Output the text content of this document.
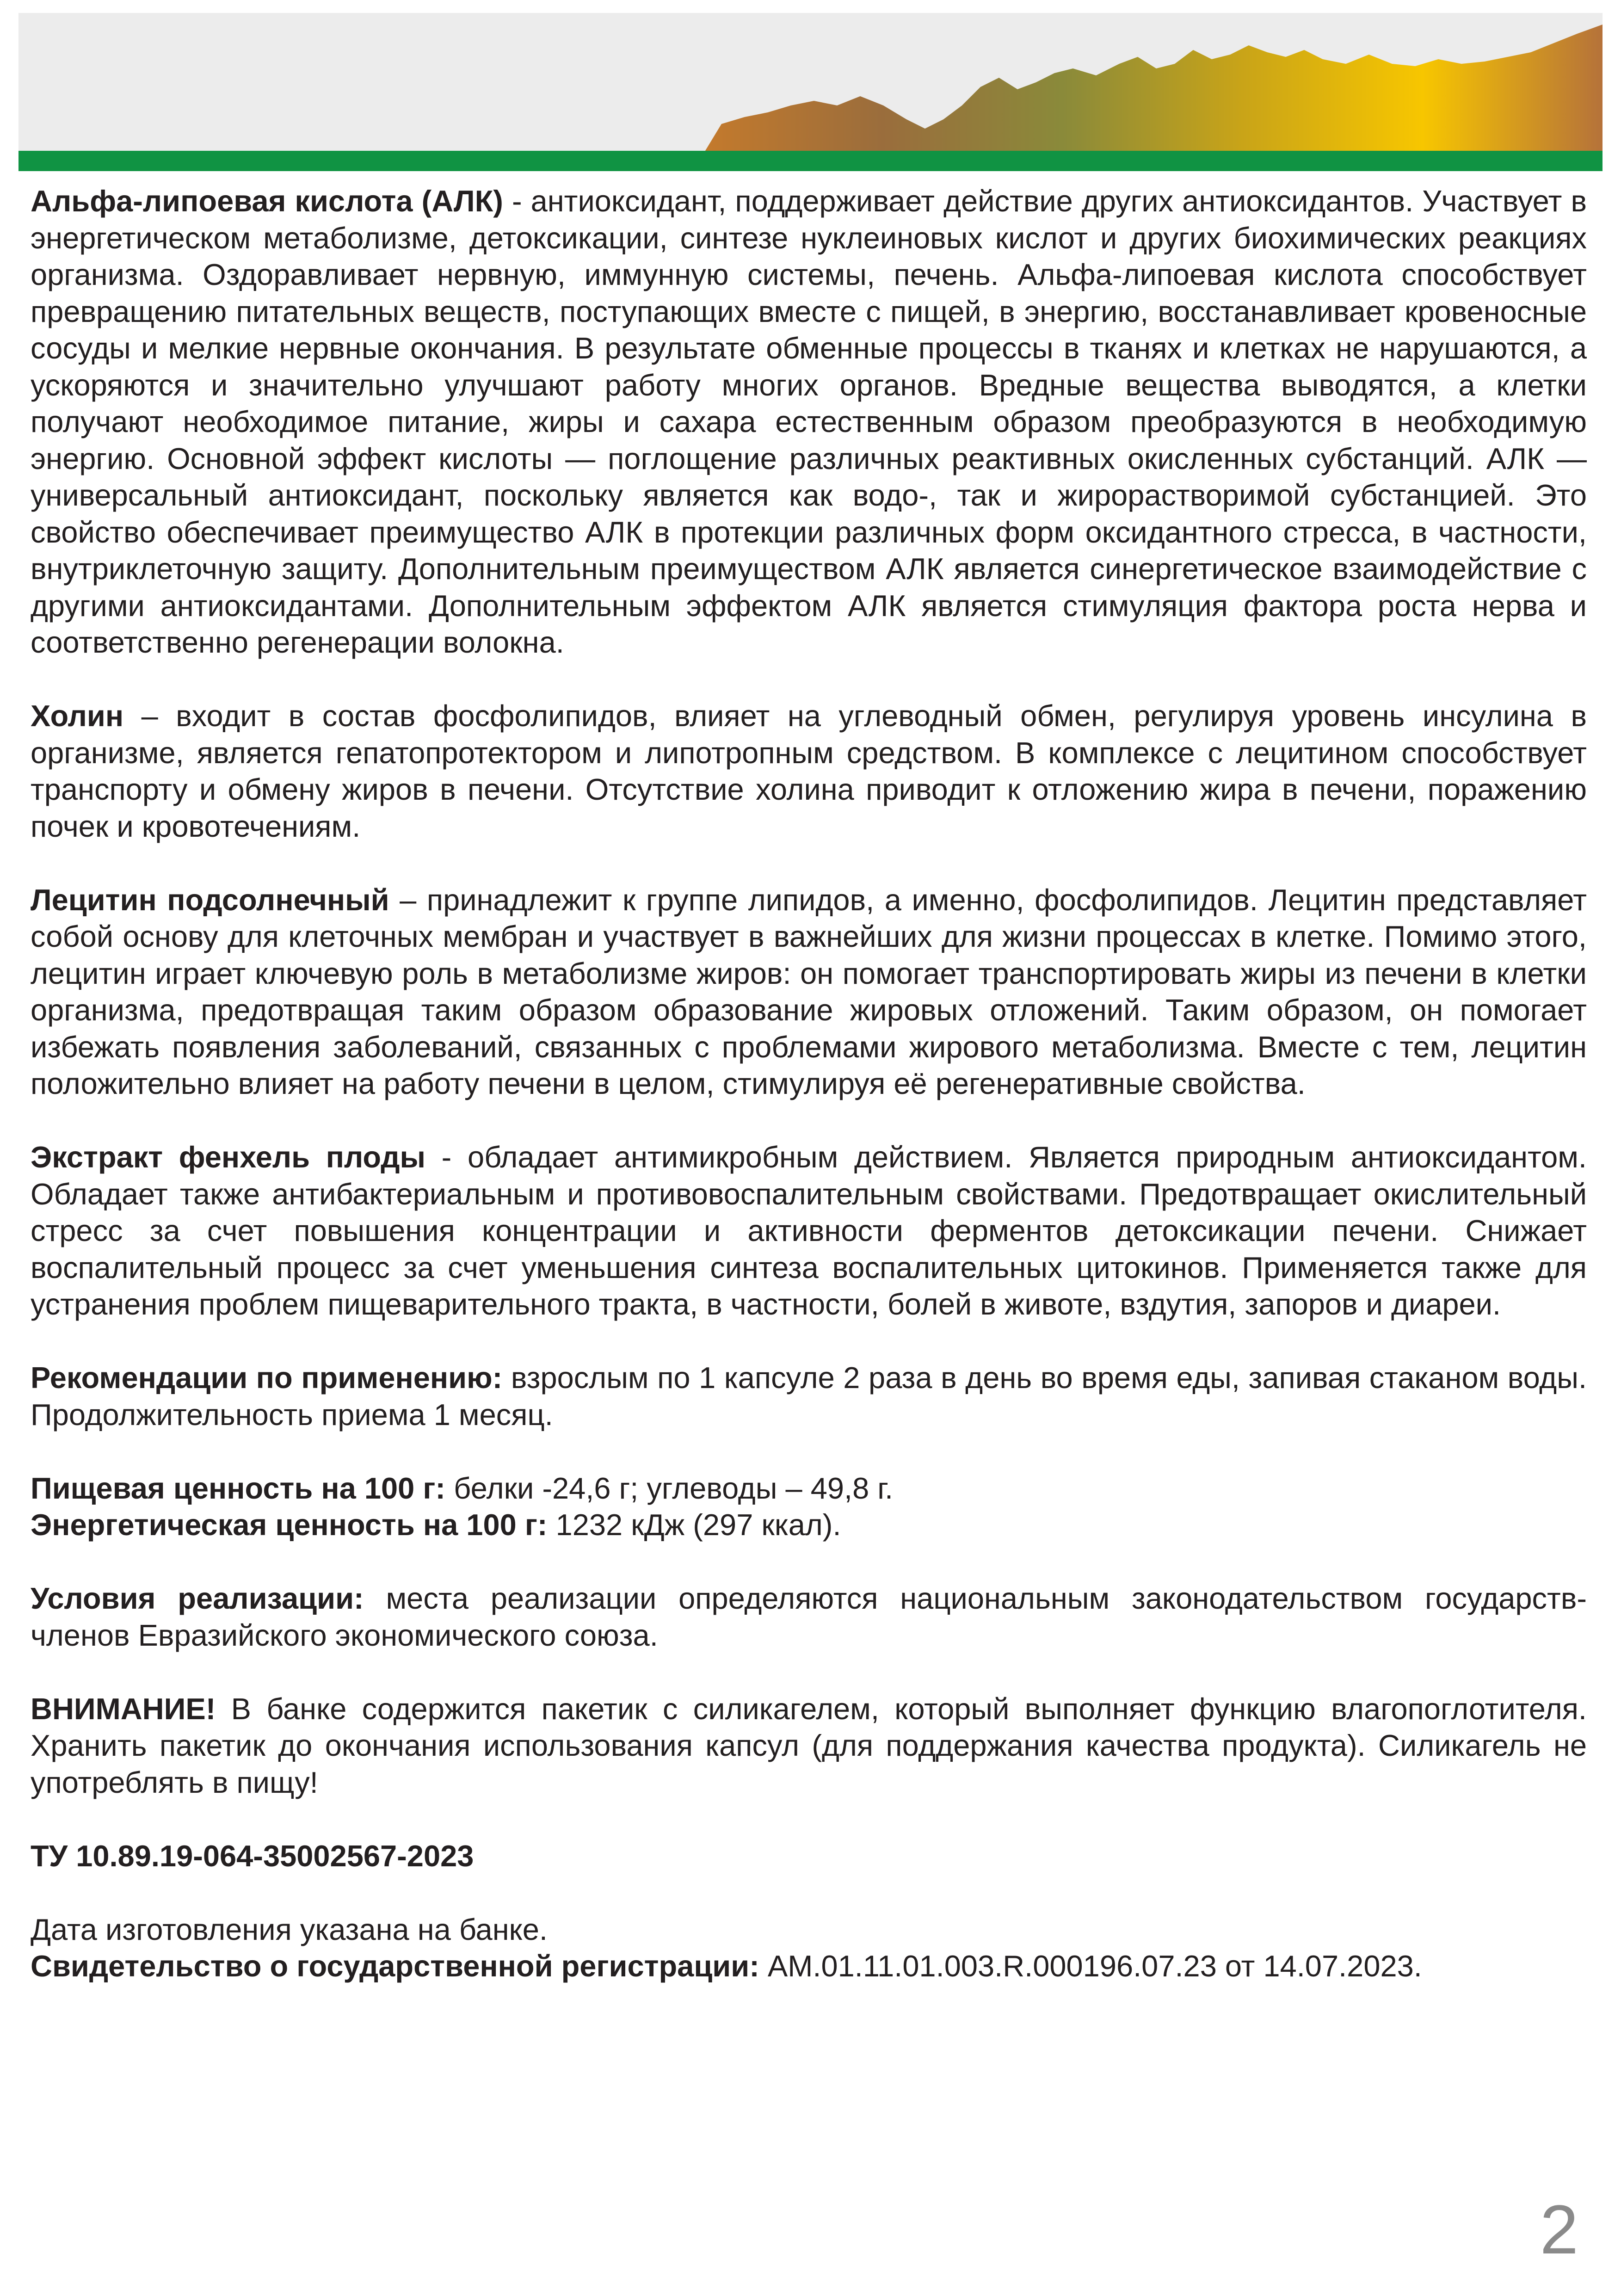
Альфа-липоевая кислота (АЛК) - антиоксидант, поддерживает действие других антиоксидантов. Участвует в энергетическом метаболизме, детоксикации, синтезе нуклеиновых кислот и других биохимических реакциях организма. Оздоравливает нервную, иммунную системы, печень. Альфа-липоевая кислота способствует превращению питательных веществ, поступающих вместе с пищей, в энергию, восстанавливает кровеносные сосуды и мелкие нервные окончания. В результате обменные процессы в тканях и клетках не нарушаются, а ускоряются и значительно улучшают работу многих органов. Вредные вещества выводятся, а клетки получают необходимое питание, жиры и сахара естественным образом преобразуются в необходимую энергию. Основной эффект кислоты — поглощение различных реактивных окисленных субстанций. АЛК — универсальный антиоксидант, поскольку является как водо-, так и жирорастворимой субстанцией. Это свойство обеспечивает преимущество АЛК в протекции различных форм оксидантного стресса, в частности, внутриклеточную защиту. Дополнительным преимуществом АЛК является синергетическое взаимодействие с другими антиоксидантами. Дополнительным эффектом АЛК является стимуляция фактора роста нерва и соответственно регенерации волокна.

Холин – входит в состав фосфолипидов, влияет на углеводный обмен, регулируя уровень инсулина в организме, является гепатопротектором и липотропным средством. В комплексе с лецитином способствует транспорту и обмену жиров в печени. Отсутствие холина приводит к отложению жира в печени, поражению почек и кровотечениям.

Лецитин подсолнечный – принадлежит к группе липидов, а именно, фосфолипидов. Лецитин представляет собой основу для клеточных мембран и участвует в важнейших для жизни процессах в клетке. Помимо этого, лецитин играет ключевую роль в метаболизме жиров: он помогает транспортировать жиры из печени в клетки организма, предотвращая таким образом образование жировых отложений. Таким образом, он помогает избежать появления заболеваний, связанных с проблемами жирового метаболизма. Вместе с тем, лецитин положительно влияет на работу печени в целом, стимулируя её регенеративные свойства.

Экстракт фенхель плоды - обладает антимикробным действием. Является природным антиоксидантом. Обладает также антибактериальным и противовоспалительным свойствами. Предотвращает окислительный стресс за счет повышения концентрации и активности ферментов детоксикации печени. Снижает воспалительный процесс за счет уменьшения синтеза воспалительных цитокинов. Применяется также для устранения проблем пищеварительного тракта, в частности, болей в животе, вздутия, запоров и диареи.

Рекомендации по применению: взрослым по 1 капсуле 2 раза в день во время еды, запивая стаканом воды. Продолжительность приема 1 месяц.

Пищевая ценность на 100 г: белки -24,6 г; углеводы – 49,8 г.

Энергетическая ценность на 100 г: 1232 кДж (297 ккал).

Условия реализации: места реализации определяются национальным законодательством государств-членов Евразийского экономического союза.

ВНИМАНИЕ! В банке содержится пакетик с силикагелем, который выполняет функцию влагопоглотителя. Хранить пакетик до окончания использования капсул (для поддержания качества продукта). Силикагель не употреблять в пищу!

ТУ 10.89.19-064-35002567-2023

Дата изготовления указана на банке.

Свидетельство о государственной регистрации: AM.01.11.01.003.R.000196.07.23 от 14.07.2023.

2
